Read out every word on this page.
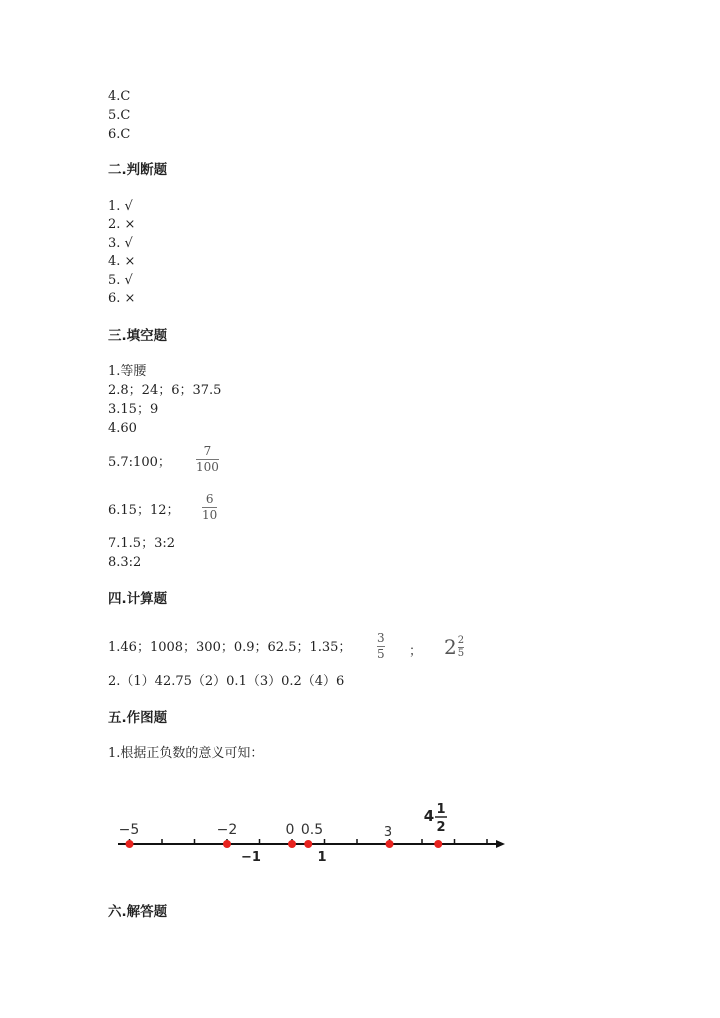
4.C
5.C
6.C
二.判断题
1. √
2. ×
3. √
4. ×
5. √
6. ×
三.填空题
1.等腰
2.8；24；6；37.5
3.15；9
4.60
5.7:100；
7
100
6.15；12；
6
10
7.1.5；3:2
8.3:2
四.计算题
1.46；1008；300；0.9；62.5；1.35；
3
5 ； $2 \frac{2}{5}$
2.（1）42.75（2）0.1（3）0.2（4）6
五.作图题
1.根据正负数的意义可知：
−5	−2	0 0.5	3
−1	1
4 1
2
六.解答题
